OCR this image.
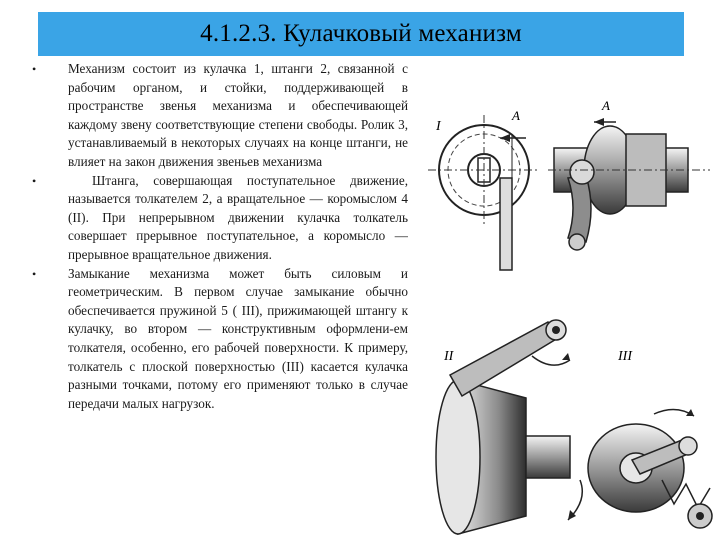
4.1.2.3. Кулачковый механизм
• Механизм состоит из кулачка 1, штанги 2, связанной с рабочим органом, и стойки, поддерживающей в пространстве звенья механизма и обеспечивающей каждому звену соответствующие степени свободы. Ролик 3, устанавливаемый в некоторых случаях на конце штанги, не влияет на закон движения звеньев механизма
•	Штанга, совершающая поступательное движение, называется толкателем 2, а вращательное — коромыслом 4 (II). При непрерывном движении кулачка толкатель совершает прерывное поступательное, а коромысло — прерывное вращательное движения.
• Замыкание механизма может быть силовым и геометрическим. В первом случае замыкание обычно обеспечивается пружиной 5 ( III), прижимающей штангу к кулачку, во втором — конструктивным оформлени-ем толкателя, особенно, его рабочей поверхности. К примеру, толкатель с плоской поверхностью (III) касается кулачка разными точками, потому его применяют только в случае передачи малых нагрузок.
I
A
A
II	III
